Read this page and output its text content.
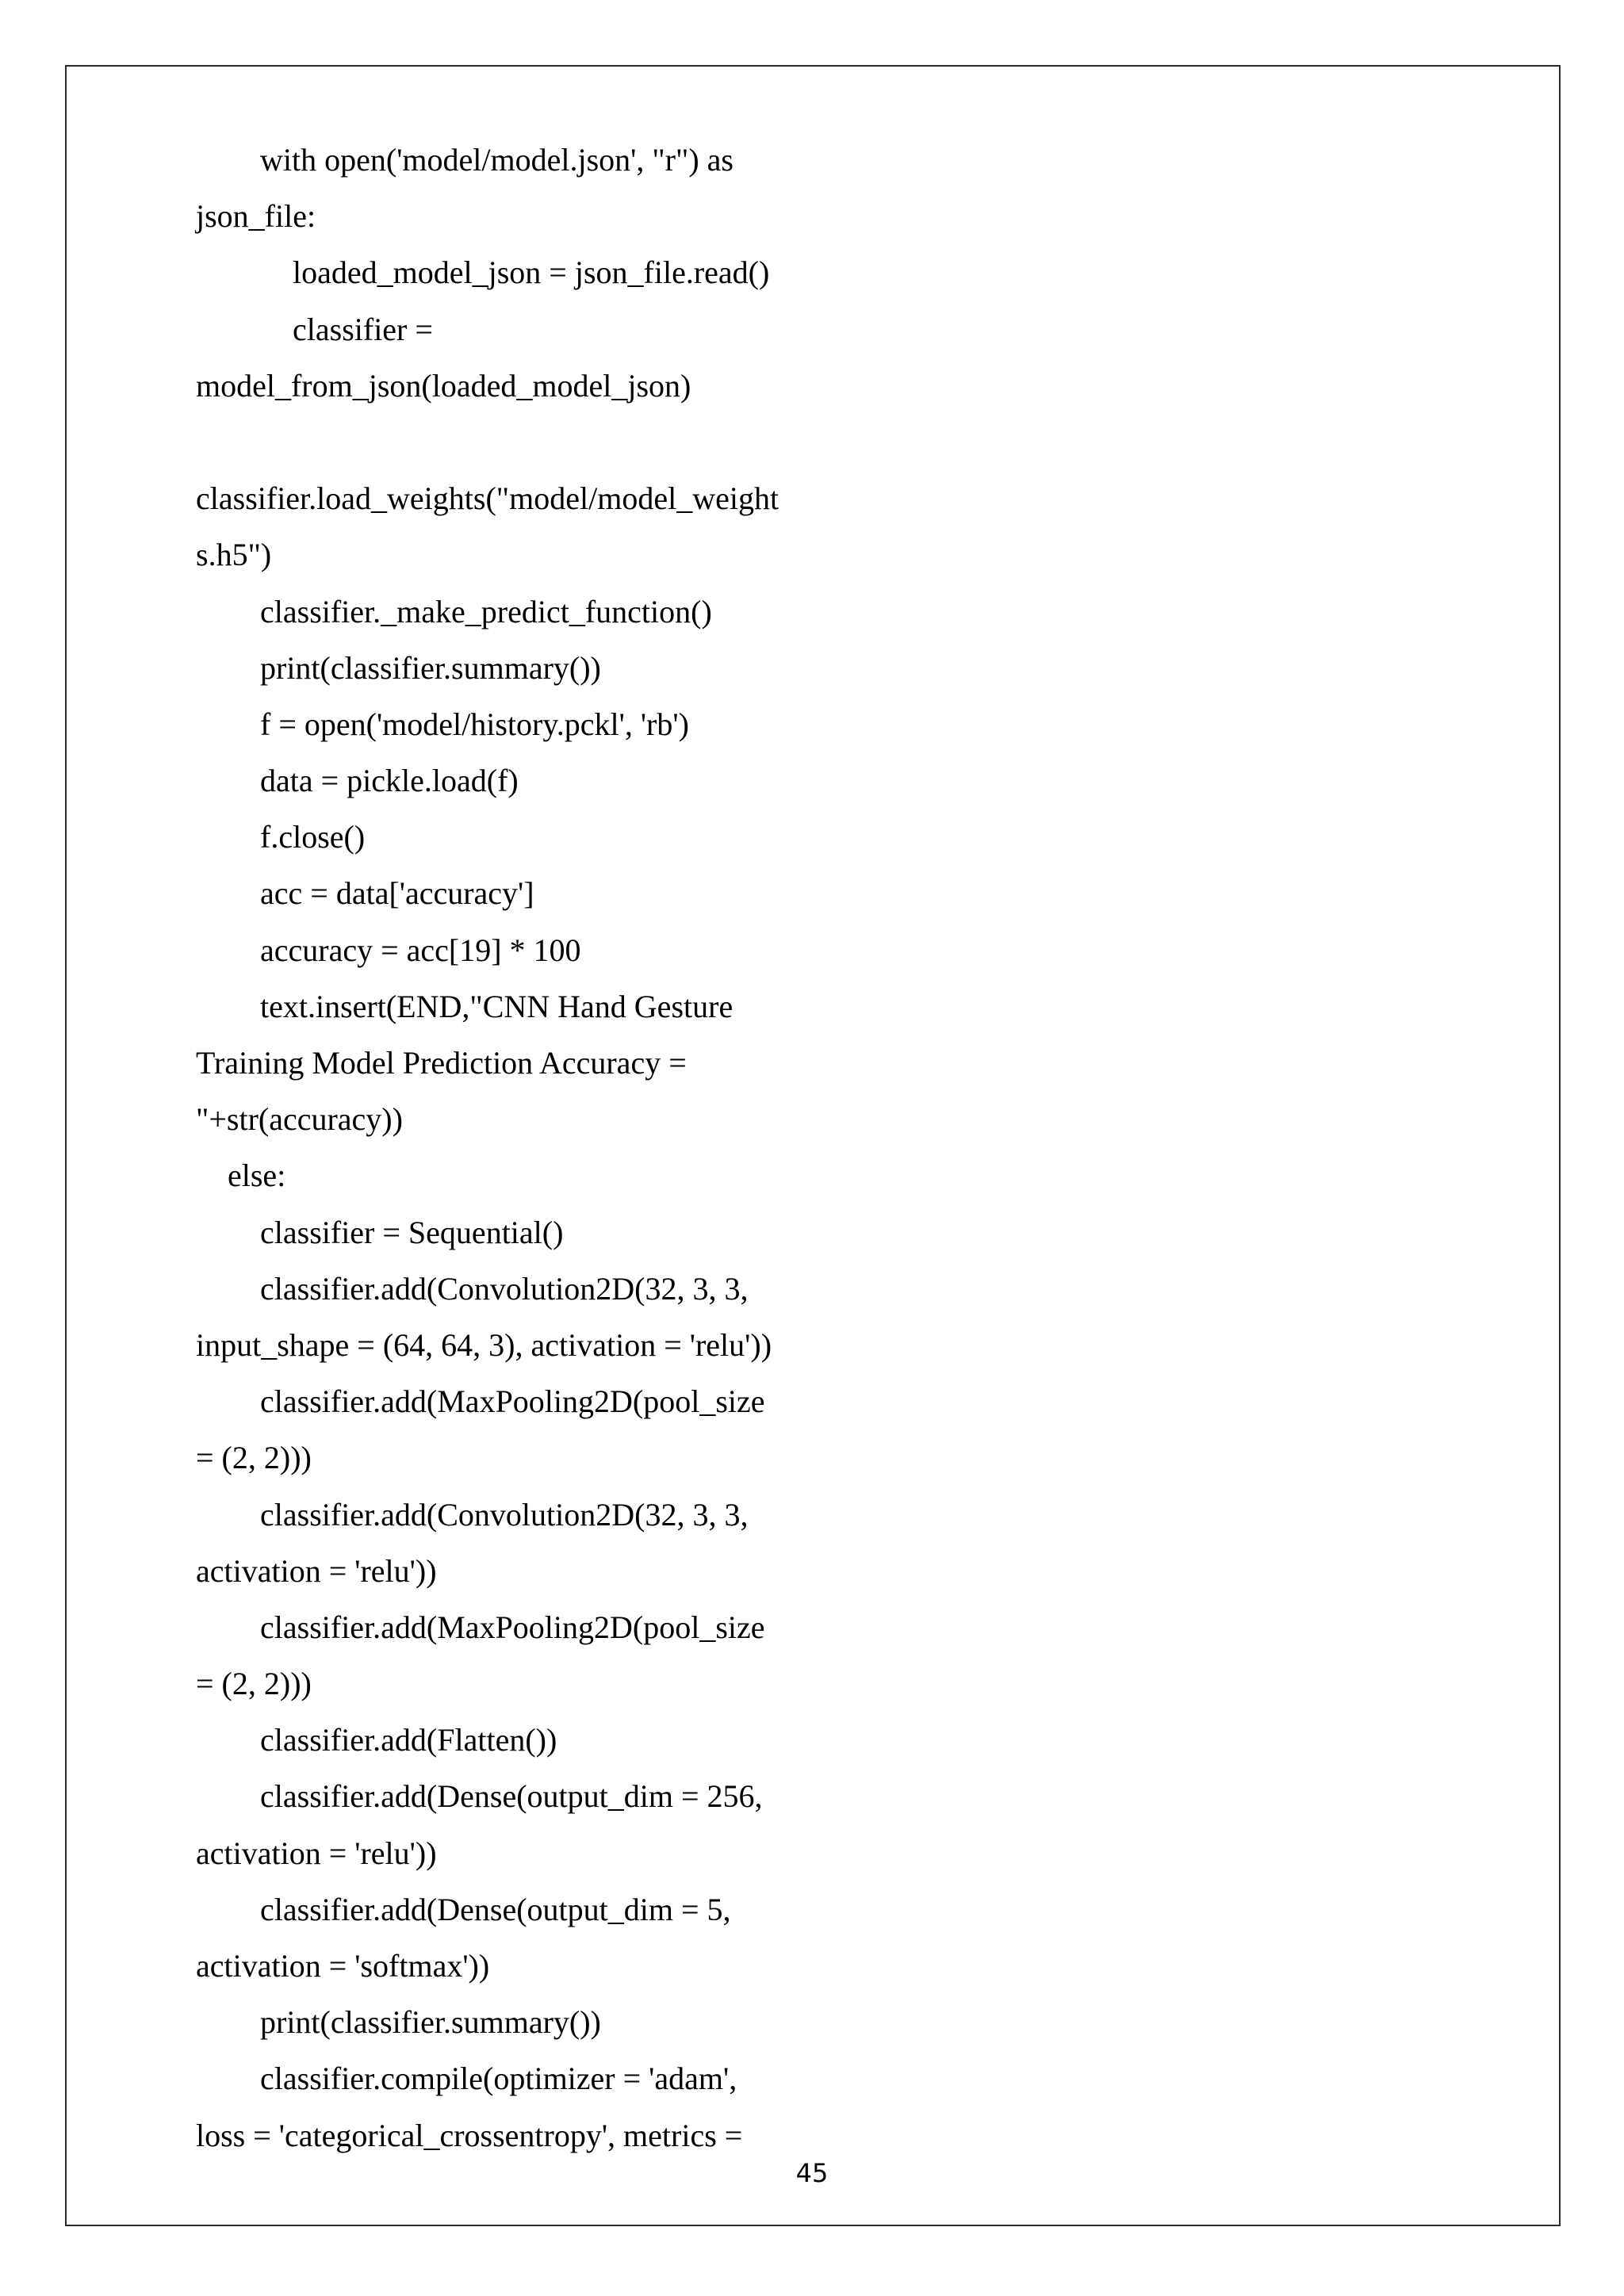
with open('model/model.json', "r") as
json_file:
loaded_model_json = json_file.read()
classifier =
model_from_json(loaded_model_json)
classifier.load_weights("model/model_weight
s.h5")
classifier._make_predict_function()
print(classifier.summary())
f = open('model/history.pckl', 'rb')
data = pickle.load(f)
f.close()
acc = data['accuracy']
accuracy = acc[19] * 100
text.insert(END,"CNN Hand Gesture
Training Model Prediction Accuracy =
"+str(accuracy))
else:
classifier = Sequential()
classifier.add(Convolution2D(32, 3, 3,
input_shape = (64, 64, 3), activation = 'relu'))
classifier.add(MaxPooling2D(pool_size
= (2, 2)))
classifier.add(Convolution2D(32, 3, 3,
activation = 'relu'))
classifier.add(MaxPooling2D(pool_size
= (2, 2)))
classifier.add(Flatten())
classifier.add(Dense(output_dim = 256,
activation = 'relu'))
classifier.add(Dense(output_dim = 5,
activation = 'softmax'))
print(classifier.summary())
classifier.compile(optimizer = 'adam',
loss = 'categorical_crossentropy', metrics =
45
